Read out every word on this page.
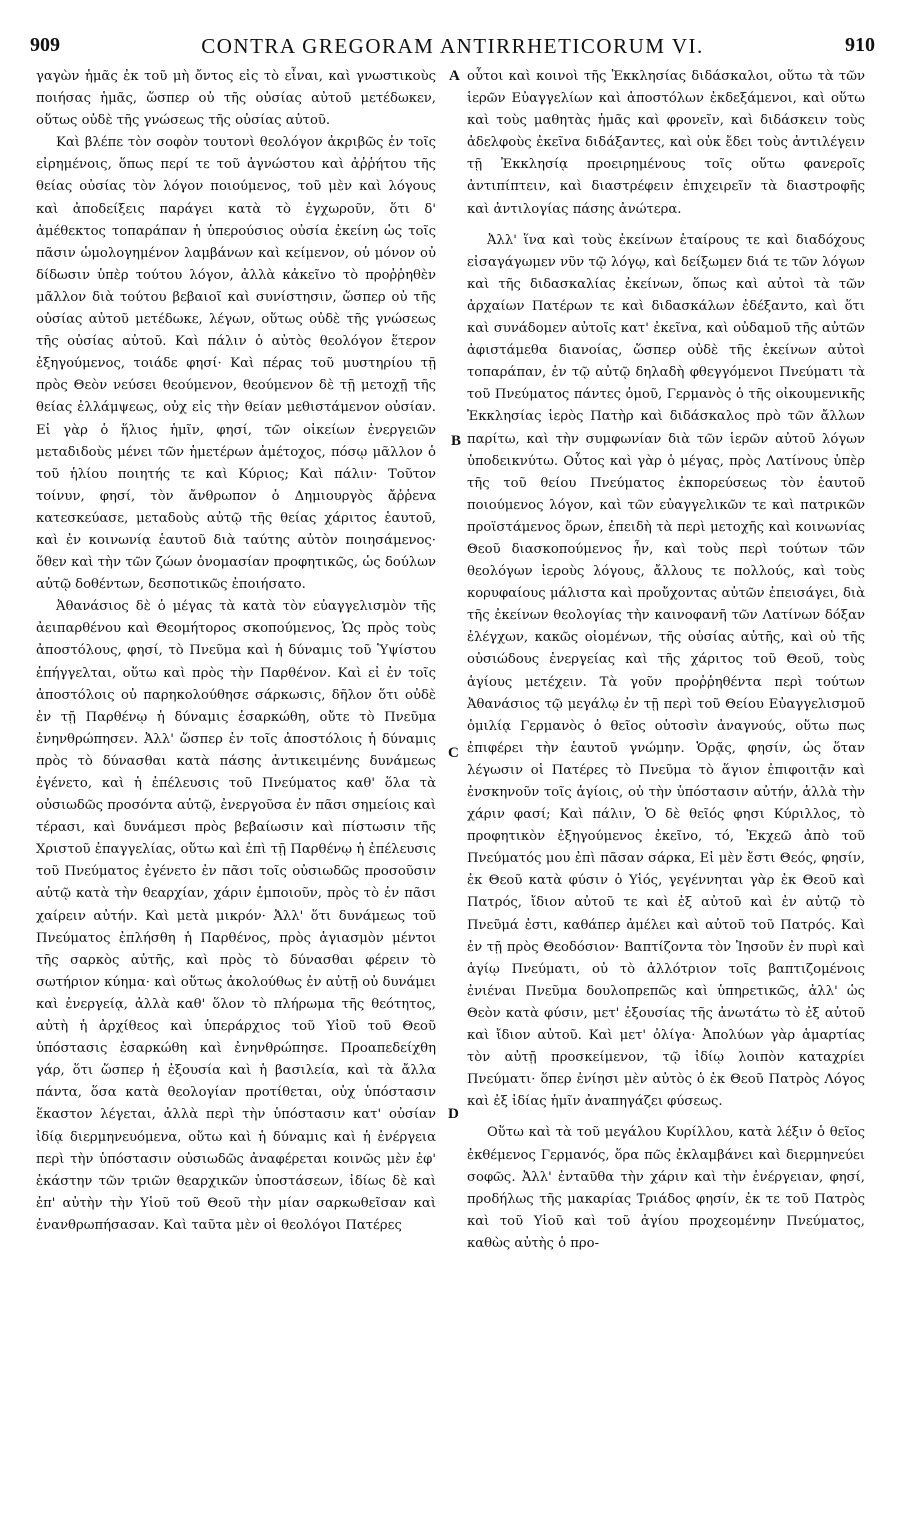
909	CONTRA GREGORAM ANTIRRHETICORUM VI.	910

γαγὼν ἡμᾶς ἐκ τοῦ μὴ ὄντος εἰς τὸ εἶναι, καὶ γνωστικοὺς ποιήσας ἡμᾶς, ὥσπερ οὐ τῆς οὐσίας αὐτοῦ μετέδωκεν, οὕτως οὐδὲ τῆς γνώσεως τῆς οὐσίας αὐτοῦ.

Καὶ βλέπε τὸν σοφὸν τουτονὶ θεολόγον ἀκριβῶς ἐν τοῖς εἰρημένοις, ὅπως περί τε τοῦ ἀγνώστου καὶ ἀῤῥήτου τῆς θείας οὐσίας τὸν λόγον ποιούμενος, τοῦ μὲν καὶ λόγους καὶ ἀποδείξεις παράγει κατὰ τὸ ἐγχωροῦν, ὅτι δ' ἀμέθεκτος τοπαράπαν ἡ ὑπερούσιος οὐσία ἐκείνη ὡς τοῖς πᾶσιν ὡμολογημένον λαμβάνων καὶ κείμενον, οὐ μόνον οὐ δίδωσιν ὑπὲρ τούτου λόγον, ἀλλὰ κἀκεῖνο τὸ προῤῥηθὲν μᾶλλον διὰ τούτου βεβαιοῖ καὶ συνίστησιν, ὥσπερ οὐ τῆς οὐσίας αὐτοῦ μετέδωκε, λέγων, οὕτως οὐδὲ τῆς γνώσεως τῆς οὐσίας αὐτοῦ. Καὶ πάλιν ὁ αὐτὸς θεολόγον ἕτερον ἐξηγούμενος, τοιάδε φησί· Καὶ πέρας τοῦ μυστηρίου τῇ πρὸς Θεὸν νεύσει θεούμενον, θεούμενον δὲ τῇ μετοχῇ τῆς θείας ἐλλάμψεως, οὐχ εἰς τὴν θείαν μεθιστάμενον οὐσίαν. Εἰ γὰρ ὁ ἥλιος ἡμῖν, φησί, τῶν οἰκείων ἐνεργειῶν μεταδιδοὺς μένει τῶν ἡμετέρων ἀμέτοχος, πόσῳ μᾶλλον ὁ τοῦ ἡλίου ποιητής τε καὶ Κύριος; Καὶ πάλιν· Τοῦτον τοίνυν, φησί, τὸν ἄνθρωπον ὁ Δημιουργὸς ἄῤῥενα κατεσκεύασε, μεταδοὺς αὐτῷ τῆς θείας χάριτος ἑαυτοῦ, καὶ ἐν κοινωνίᾳ ἑαυτοῦ διὰ ταύτης αὐτὸν ποιησάμενος· ὅθεν καὶ τὴν τῶν ζώων ὀνομασίαν προφητικῶς, ὡς δούλων αὐτῷ δοθέντων, δεσποτικῶς ἐποιήσατο.

Ἀθανάσιος δὲ ὁ μέγας τὰ κατὰ τὸν εὐαγγελισμὸν τῆς ἀειπαρθένου καὶ Θεομήτορος σκοπούμενος, Ὡς πρὸς τοὺς ἀποστόλους, φησί, τὸ Πνεῦμα καὶ ἡ δύναμις τοῦ Ὑψίστου ἐπήγγελται, οὕτω καὶ πρὸς τὴν Παρθένον. Καὶ εἰ ἐν τοῖς ἀποστόλοις οὐ παρηκολούθησε σάρκωσις, δῆλον ὅτι οὐδὲ ἐν τῇ Παρθένῳ ἡ δύναμις ἐσαρκώθη, οὔτε τὸ Πνεῦμα ἐνηνθρώπησεν. Ἀλλ' ὥσπερ ἐν τοῖς ἀποστόλοις ἡ δύναμις πρὸς τὸ δύνασθαι κατὰ πάσης ἀντικειμένης δυνάμεως ἐγένετο, καὶ ἡ ἐπέλευσις τοῦ Πνεύματος καθ' ὅλα τὰ οὐσιωδῶς προσόντα αὐτῷ, ἐνεργοῦσα ἐν πᾶσι σημείοις καὶ τέρασι, καὶ δυνάμεσι πρὸς βεβαίωσιν καὶ πίστωσιν τῆς Χριστοῦ ἐπαγγελίας, οὕτω καὶ ἐπὶ τῇ Παρθένῳ ἡ ἐπέλευσις τοῦ Πνεύματος ἐγένετο ἐν πᾶσι τοῖς οὐσιωδῶς προσοῦσιν αὐτῷ κατὰ τὴν θεαρχίαν, χάριν ἐμποιοῦν, πρὸς τὸ ἐν πᾶσι χαίρειν αὐτήν. Καὶ μετὰ μικρόν· Ἀλλ' ὅτι δυνάμεως τοῦ Πνεύματος ἐπλήσθη ἡ Παρθένος, πρὸς ἁγιασμὸν μέντοι τῆς σαρκὸς αὐτῆς, καὶ πρὸς τὸ δύνασθαι φέρειν τὸ σωτήριον κύημα· καὶ οὕτως ἀκολούθως ἐν αὐτῇ οὐ δυνάμει καὶ ἐνεργείᾳ, ἀλλὰ καθ' ὅλον τὸ πλήρωμα τῆς θεότητος, αὐτὴ ἡ ἀρχίθεος καὶ ὑπεράρχιος τοῦ Υἱοῦ τοῦ Θεοῦ ὑπόστασις ἐσαρκώθη καὶ ἐνηνθρώπησε. Προαπεδείχθη γάρ, ὅτι ὥσπερ ἡ ἐξουσία καὶ ἡ βασιλεία, καὶ τὰ ἄλλα πάντα, ὅσα κατὰ θεολογίαν προτίθεται, οὐχ ὑπόστασιν ἕκαστον λέγεται, ἀλλὰ περὶ τὴν ὑπόστασιν κατ' οὐσίαν ἰδίᾳ διερμηνευόμενα, οὕτω καὶ ἡ δύναμις καὶ ἡ ἐνέργεια περὶ τὴν ὑπόστασιν οὐσιωδῶς ἀναφέρεται κοινῶς μὲν ἐφ' ἑκάστην τῶν τριῶν θεαρχικῶν ὑποστάσεων, ἰδίως δὲ καὶ ἐπ' αὐτὴν τὴν Υἱοῦ τοῦ Θεοῦ τὴν μίαν σαρκωθεῖσαν καὶ ἐνανθρωπήσασαν. Καὶ ταῦτα μὲν οἱ θεολόγοι Πατέρες

A
B
C
D

οὗτοι καὶ κοινοὶ τῆς Ἐκκλησίας διδάσκαλοι, οὕτω τὰ τῶν ἱερῶν Εὐαγγελίων καὶ ἀποστόλων ἐκδεξάμενοι, καὶ οὕτω καὶ τοὺς μαθητὰς ἡμᾶς καὶ φρονεῖν, καὶ διδάσκειν τοὺς ἀδελφοὺς ἐκεῖνα διδάξαντες, καὶ οὐκ ἔδει τοὺς ἀντιλέγειν τῇ Ἐκκλησίᾳ προειρημένους τοῖς οὕτω φανεροῖς ἀντιπίπτειν, καὶ διαστρέφειν ἐπιχειρεῖν τὰ διαστροφῆς καὶ ἀντιλογίας πάσης ἀνώτερα.

Ἀλλ' ἵνα καὶ τοὺς ἐκείνων ἑταίρους τε καὶ διαδόχους εἰσαγάγωμεν νῦν τῷ λόγῳ, καὶ δείξωμεν διά τε τῶν λόγων καὶ τῆς διδασκαλίας ἐκείνων, ὅπως καὶ αὐτοὶ τὰ τῶν ἀρχαίων Πατέρων τε καὶ διδασκάλων ἐδέξαντο, καὶ ὅτι καὶ συνάδομεν αὐτοῖς κατ' ἐκεῖνα, καὶ οὐδαμοῦ τῆς αὐτῶν ἀφιστάμεθα διανοίας, ὥσπερ οὐδὲ τῆς ἐκείνων αὐτοὶ τοπαράπαν, ἐν τῷ αὐτῷ δηλαδὴ φθεγγόμενοι Πνεύματι τὰ τοῦ Πνεύματος πάντες ὁμοῦ, Γερμανὸς ὁ τῆς οἰκουμενικῆς Ἐκκλησίας ἱερὸς Πατὴρ καὶ διδάσκαλος πρὸ τῶν ἄλλων παρίτω, καὶ τὴν συμφωνίαν διὰ τῶν ἱερῶν αὐτοῦ λόγων ὑποδεικνύτω. Οὗτος καὶ γὰρ ὁ μέγας, πρὸς Λατίνους ὑπὲρ τῆς τοῦ θείου Πνεύματος ἐκπορεύσεως τὸν ἑαυτοῦ ποιούμενος λόγον, καὶ τῶν εὐαγγελικῶν τε καὶ πατρικῶν προϊστάμενος ὅρων, ἐπειδὴ τὰ περὶ μετοχῆς καὶ κοινωνίας Θεοῦ διασκοπούμενος ἦν, καὶ τοὺς περὶ τούτων τῶν θεολόγων ἱεροὺς λόγους, ἄλλους τε πολλούς, καὶ τοὺς κορυφαίους μάλιστα καὶ προὔχοντας αὐτῶν ἐπεισάγει, διὰ τῆς ἐκείνων θεολογίας τὴν καινοφανῆ τῶν Λατίνων δόξαν ἐλέγχων, κακῶς οἰομένων, τῆς οὐσίας αὐτῆς, καὶ οὐ τῆς οὐσιώδους ἐνεργείας καὶ τῆς χάριτος τοῦ Θεοῦ, τοὺς ἁγίους μετέχειν. Τὰ γοῦν προῤῥηθέντα περὶ τούτων Ἀθανάσιος τῷ μεγάλῳ ἐν τῇ περὶ τοῦ Θείου Εὐαγγελισμοῦ ὁμιλίᾳ Γερμανὸς ὁ θεῖος οὑτοσὶν ἀναγνούς, οὕτω πως ἐπιφέρει τὴν ἑαυτοῦ γνώμην. Ὁρᾷς, φησίν, ὡς ὅταν λέγωσιν οἱ Πατέρες τὸ Πνεῦμα τὸ ἅγιον ἐπιφοιτᾷν καὶ ἐνσκηνοῦν τοῖς ἁγίοις, οὐ τὴν ὑπόστασιν αὐτήν, ἀλλὰ τὴν χάριν φασί; Καὶ πάλιν, Ὁ δὲ θεῖός φησι Κύριλλος, τὸ προφητικὸν ἐξηγούμενος ἐκεῖνο, τό, Ἐκχεῶ ἀπὸ τοῦ Πνεύματός μου ἐπὶ πᾶσαν σάρκα, Εἰ μὲν ἔστι Θεός, φησίν, ἐκ Θεοῦ κατὰ φύσιν ὁ Υἱός, γεγέννηται γὰρ ἐκ Θεοῦ καὶ Πατρός, ἴδιον αὐτοῦ τε καὶ ἐξ αὐτοῦ καὶ ἐν αὐτῷ τὸ Πνεῦμά ἐστι, καθάπερ ἀμέλει καὶ αὐτοῦ τοῦ Πατρός. Καὶ ἐν τῇ πρὸς Θεοδόσιον· Βαπτίζοντα τὸν Ἰησοῦν ἐν πυρὶ καὶ ἁγίῳ Πνεύματι, οὐ τὸ ἀλλότριον τοῖς βαπτιζομένοις ἐνιέναι Πνεῦμα δουλοπρεπῶς καὶ ὑπηρετικῶς, ἀλλ' ὡς Θεὸν κατὰ φύσιν, μετ' ἐξουσίας τῆς ἀνωτάτω τὸ ἐξ αὐτοῦ καὶ ἴδιον αὐτοῦ. Καὶ μετ' ὀλίγα· Ἀπολύων γὰρ ἁμαρτίας τὸν αὐτῇ προσκείμενον, τῷ ἰδίῳ λοιπὸν καταχρίει Πνεύματι· ὅπερ ἐνίησι μὲν αὐτὸς ὁ ἐκ Θεοῦ Πατρὸς Λόγος καὶ ἐξ ἰδίας ἡμῖν ἀναπηγάζει φύσεως.

Οὕτω καὶ τὰ τοῦ μεγάλου Κυρίλλου, κατὰ λέξιν ὁ θεῖος ἐκθέμενος Γερμανός, ὅρα πῶς ἐκλαμβάνει καὶ διερμηνεύει σοφῶς. Ἀλλ' ἐνταῦθα τὴν χάριν καὶ τὴν ἐνέργειαν, φησί, προδήλως τῆς μακαρίας Τριάδος φησίν, ἐκ τε τοῦ Πατρὸς καὶ τοῦ Υἱοῦ καὶ τοῦ ἁγίου προχεομένην Πνεύματος, καθὼς αὐτὴς ὁ προ-
